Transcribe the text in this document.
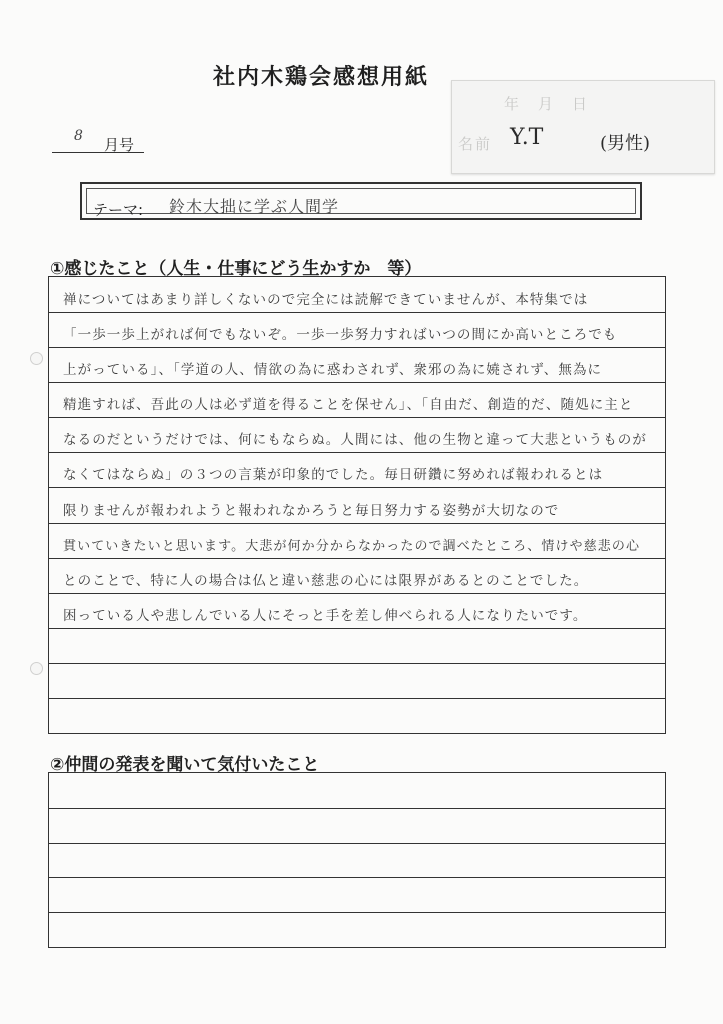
社内木鶏会感想用紙
年　月　日
名前 Y.T	(男性)
8 月号
テーマ: 鈴木大拙に学ぶ人間学
①感じたこと（人生・仕事にどう生かすか　等）
禅についてはあまり詳しくないので完全には読解できていませんが、本特集では
「一歩一歩上がれば何でもないぞ。一歩一歩努力すればいつの間にか高いところでも
上がっている」、「学道の人、情欲の為に惑わされず、衆邪の為に嬈されず、無為に
精進すれば、吾此の人は必ず道を得ることを保せん」、「自由だ、創造的だ、随処に主と
なるのだというだけでは、何にもならぬ。人間には、他の生物と違って大悲というものが
なくてはならぬ」の３つの言葉が印象的でした。毎日研鑽に努めれば報われるとは
限りませんが報われようと報われなかろうと毎日努力する姿勢が大切なので
貫いていきたいと思います。大悲が何か分からなかったので調べたところ、情けや慈悲の心
とのことで、特に人の場合は仏と違い慈悲の心には限界があるとのことでした。
困っている人や悲しんでいる人にそっと手を差し伸べられる人になりたいです。
②仲間の発表を聞いて気付いたこと
